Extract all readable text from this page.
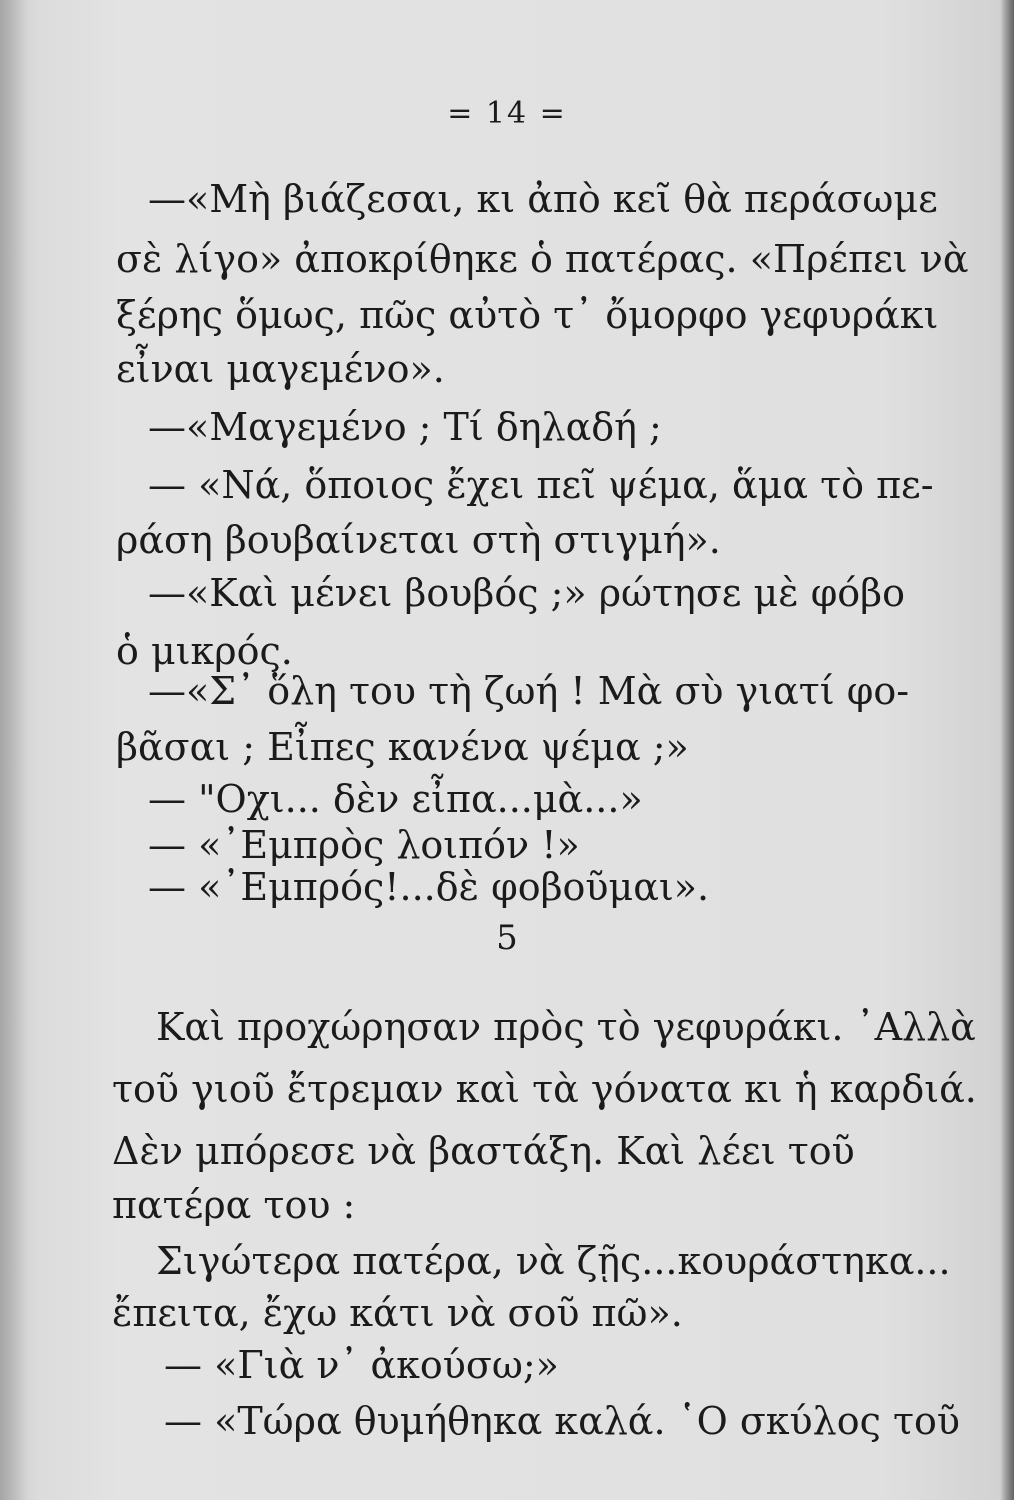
= 14 =
—«Μὴ βιάζεσαι, κι ἀπὸ κεῖ θὰ περάσωμε
σὲ λίγο» ἀποκρίθηκε ὁ πατέρας. «Πρέπει νὰ
ξέρης ὅμως, πῶς αὐτὸ τ᾽ ὄμορφο γεφυράκι
εἶναι μαγεμένο».
—«Μαγεμένο ; Τί δηλαδή ;
— «Νά, ὅποιος ἔχει πεῖ ψέμα, ἅμα τὸ πε-
ράση βουβαίνεται στὴ στιγμή».
—«Καὶ μένει βουβός ;» ρώτησε μὲ φόβο
ὁ μικρός.
—«Σ᾽ ὅλη του τὴ ζωή ! Μὰ σὺ γιατί φο-
βᾶσαι ; Εἶπες κανένα ψέμα ;»
— "Οχι... δὲν εἶπα...μὰ...»
— «᾿Εμπρὸς λοιπόν !»
— «᾿Εμπρός!...δὲ φοβοῦμαι».
5
Καὶ προχώρησαν πρὸς τὸ γεφυράκι. ᾿Αλλὰ
τοῦ γιοῦ ἔτρεμαν καὶ τὰ γόνατα κι ἡ καρδιά.
Δὲν μπόρεσε νὰ βαστάξη. Καὶ λέει τοῦ
πατέρα του :
Σιγώτερα πατέρα, νὰ ζῇς...κουράστηκα...
ἔπειτα, ἔχω κάτι νὰ σοῦ πῶ».
— «Γιὰ ν᾽ ἀκούσω;»
— «Τώρα θυμήθηκα καλά. ῾Ο σκύλος τοῦ
